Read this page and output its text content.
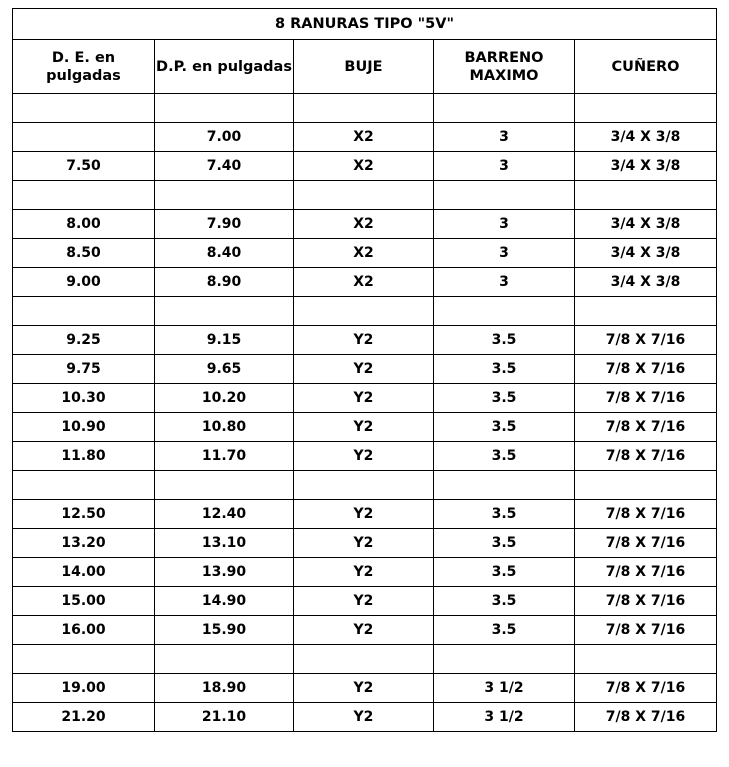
8 RANURAS TIPO "5V"				
D. E. en pulgadas	D.P. en pulgadas	BUJE	BARRENO MAXIMO	CUÑERO

	7.00	X2	3	3/4 X 3/8
7.50	7.40	X2	3	3/4 X 3/8

8.00	7.90	X2	3	3/4 X 3/8
8.50	8.40	X2	3	3/4 X 3/8
9.00	8.90	X2	3	3/4 X 3/8

9.25	9.15	Y2	3.5	7/8 X 7/16
9.75	9.65	Y2	3.5	7/8 X 7/16
10.30	10.20	Y2	3.5	7/8 X 7/16
10.90	10.80	Y2	3.5	7/8 X 7/16
11.80	11.70	Y2	3.5	7/8 X 7/16

12.50	12.40	Y2	3.5	7/8 X 7/16
13.20	13.10	Y2	3.5	7/8 X 7/16
14.00	13.90	Y2	3.5	7/8 X 7/16
15.00	14.90	Y2	3.5	7/8 X 7/16
16.00	15.90	Y2	3.5	7/8 X 7/16

19.00	18.90	Y2	3 1/2	7/8 X 7/16
21.20	21.10	Y2	3 1/2	7/8 X 7/16
